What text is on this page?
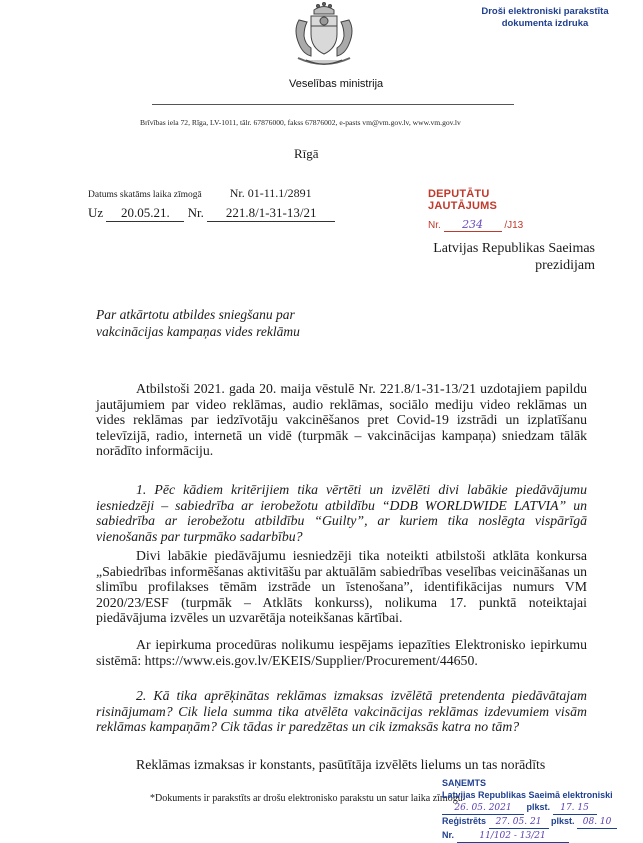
Droši elektroniski parakstīta
dokumenta izdruka
Veselības ministrija
Brīvības iela 72, Rīga, LV-1011, tālr. 67876000, fakss 67876002, e-pasts vm@vm.gov.lv, www.vm.gov.lv
Rīgā
Datums skatāms laika zīmogā Nr. 01-11.1/2891
Uz 20.05.21. Nr. 221.8/1-31-13/21
DEPUTĀTU JAUTĀJUMS
Nr. 234 /J13
Latvijas Republikas Saeimas
prezidijam
Par atkārtotu atbildes sniegšanu par
vakcinācijas kampaņas vides reklāmu

Atbilstoši 2021. gada 20. maija vēstulē Nr. 221.8/1-31-13/21 uzdotajiem papildu jautājumiem par video reklāmas, audio reklāmas, sociālo mediju video reklāmas un vides reklāmas par iedzīvotāju vakcinēšanos pret Covid-19 izstrādi un izplatīšanu televīzijā, radio, internetā un vidē (turpmāk – vakcinācijas kampaņa) sniedzam tālāk norādīto informāciju.

1. Pēc kādiem kritērijiem tika vērtēti un izvēlēti divi labākie piedāvājumu iesniedzēji – sabiedrība ar ierobežotu atbildību “DDB WORLDWIDE LATVIA” un sabiedrība ar ierobežotu atbildību “Guilty”, ar kuriem tika noslēgta vispārīgā vienošanās par turpmāko sadarbību?

Divi labākie piedāvājumu iesniedzēji tika noteikti atbilstoši atklāta konkursa „Sabiedrības informēšanas aktivitāšu par aktuālām sabiedrības veselības veicināšanas un slimību profilakses tēmām izstrāde un īstenošana”, identifikācijas numurs VM 2020/23/ESF (turpmāk – Atklāts konkurss), nolikuma 17. punktā noteiktajai piedāvājuma izvēles un uzvarētāja noteikšanas kārtībai.

Ar iepirkuma procedūras nolikumu iespējams iepazīties Elektronisko iepirkumu sistēmā: https://www.eis.gov.lv/EKEIS/Supplier/Procurement/44650.

2. Kā tika aprēķinātas reklāmas izmaksas izvēlētā pretendenta piedāvātajam risinājumam? Cik liela summa tika atvēlēta vakcinācijas reklāmas izdevumiem visām reklāmas kampaņām? Cik tādas ir paredzētas un cik izmaksās katra no tām?

Reklāmas izmaksas ir konstants, pasūtītāja izvēlēts lielums un tas norādīts

*Dokuments ir parakstīts ar drošu elektronisko parakstu un satur laika zīmogu
SAŅEMTS
Latvijas Republikas Saeimā elektroniski
26. 05. 2021 plkst. 17. 15
Reģistrēts 27. 05. 21 plkst. 08. 10
Nr.	11/102 - 13/21
